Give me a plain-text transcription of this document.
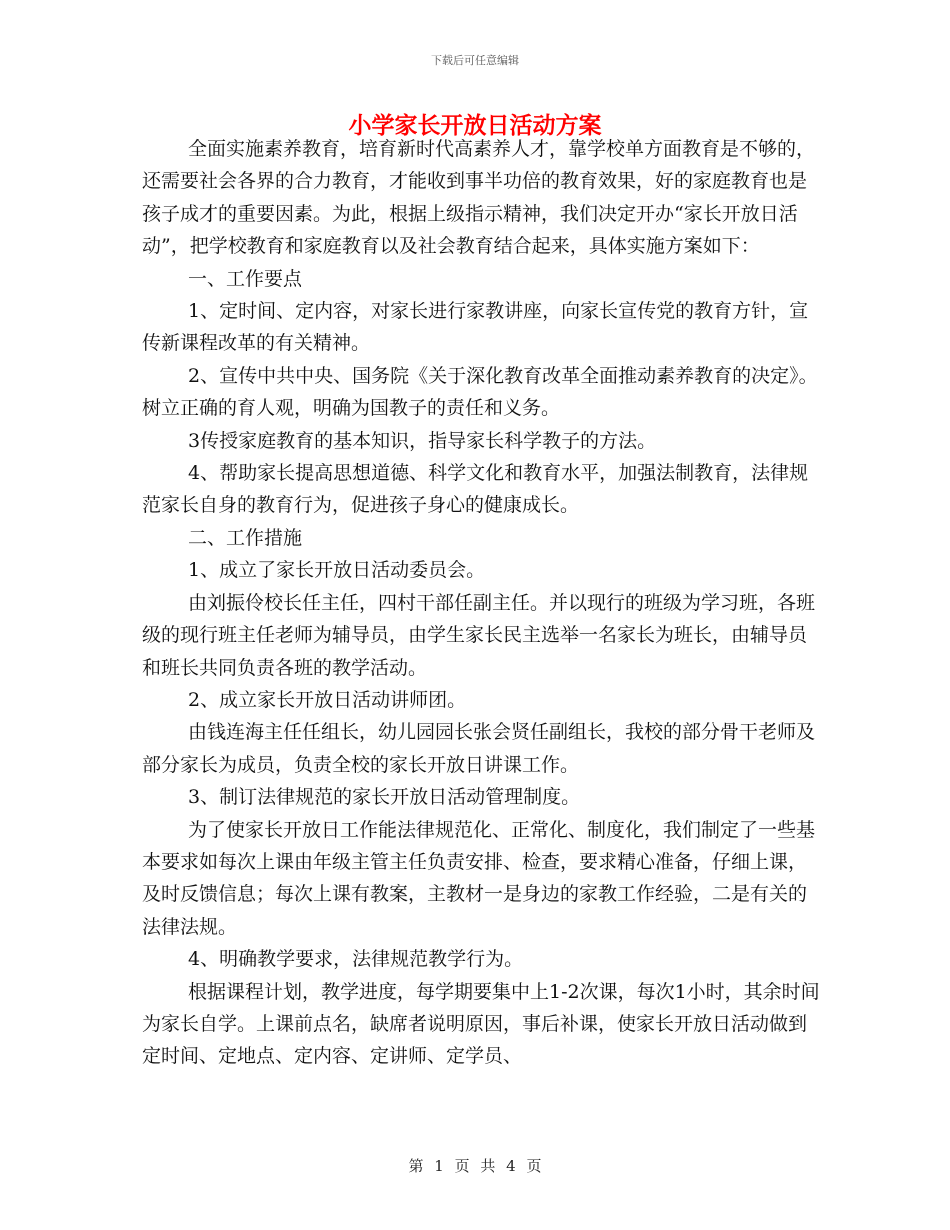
下载后可任意编辑
小学家长开放日活动方案

全面实施素养教育，培育新时代高素养人才，靠学校单方面教育是不够的，还需要社会各界的合力教育，才能收到事半功倍的教育效果，好的家庭教育也是孩子成才的重要因素。为此，根据上级指示精神，我们决定开办“家长开放日活动”，把学校教育和家庭教育以及社会教育结合起来，具体实施方案如下：

一、工作要点

1、定时间、定内容，对家长进行家教讲座，向家长宣传党的教育方针，宣传新课程改革的有关精神。

2、宣传中共中央、国务院《关于深化教育改革全面推动素养教育的决定》。树立正确的育人观，明确为国教子的责任和义务。

3传授家庭教育的基本知识，指导家长科学教子的方法。

4、帮助家长提高思想道德、科学文化和教育水平，加强法制教育，法律规范家长自身的教育行为，促进孩子身心的健康成长。

二、工作措施

1、成立了家长开放日活动委员会。

由刘振伶校长任主任，四村干部任副主任。并以现行的班级为学习班，各班级的现行班主任老师为辅导员，由学生家长民主选举一名家长为班长，由辅导员和班长共同负责各班的教学活动。

2、成立家长开放日活动讲师团。

由钱连海主任任组长，幼儿园园长张会贤任副组长，我校的部分骨干老师及部分家长为成员，负责全校的家长开放日讲课工作。

3、制订法律规范的家长开放日活动管理制度。

为了使家长开放日工作能法律规范化、正常化、制度化，我们制定了一些基本要求如每次上课由年级主管主任负责安排、检查，要求精心准备，仔细上课，及时反馈信息；每次上课有教案，主教材一是身边的家教工作经验，二是有关的法律法规。

4、明确教学要求，法律规范教学行为。

根据课程计划，教学进度，每学期要集中上1-2次课，每次1小时，其余时间为家长自学。上课前点名，缺席者说明原因，事后补课，使家长开放日活动做到定时间、定地点、定内容、定讲师、定学员、

第 1 页 共 4 页
